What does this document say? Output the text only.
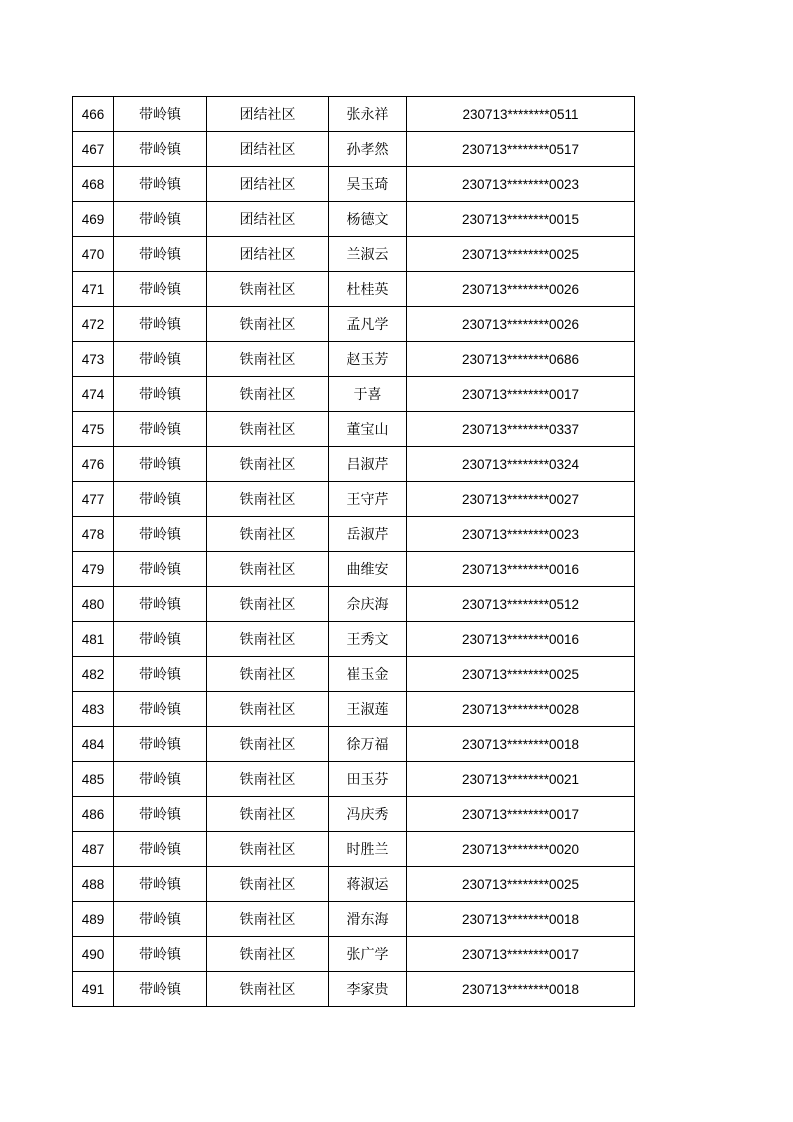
466	带岭镇	团结社区	张永祥	230713********0511
467	带岭镇	团结社区	孙孝然	230713********0517
468	带岭镇	团结社区	吴玉琦	230713********0023
469	带岭镇	团结社区	杨德文	230713********0015
470	带岭镇	团结社区	兰淑云	230713********0025
471	带岭镇	铁南社区	杜桂英	230713********0026
472	带岭镇	铁南社区	孟凡学	230713********0026
473	带岭镇	铁南社区	赵玉芳	230713********0686
474	带岭镇	铁南社区	于喜	230713********0017
475	带岭镇	铁南社区	董宝山	230713********0337
476	带岭镇	铁南社区	吕淑芹	230713********0324
477	带岭镇	铁南社区	王守芹	230713********0027
478	带岭镇	铁南社区	岳淑芹	230713********0023
479	带岭镇	铁南社区	曲维安	230713********0016
480	带岭镇	铁南社区	佘庆海	230713********0512
481	带岭镇	铁南社区	王秀文	230713********0016
482	带岭镇	铁南社区	崔玉金	230713********0025
483	带岭镇	铁南社区	王淑莲	230713********0028
484	带岭镇	铁南社区	徐万福	230713********0018
485	带岭镇	铁南社区	田玉芬	230713********0021
486	带岭镇	铁南社区	冯庆秀	230713********0017
487	带岭镇	铁南社区	时胜兰	230713********0020
488	带岭镇	铁南社区	蒋淑运	230713********0025
489	带岭镇	铁南社区	滑东海	230713********0018
490	带岭镇	铁南社区	张广学	230713********0017
491	带岭镇	铁南社区	李家贵	230713********0018
